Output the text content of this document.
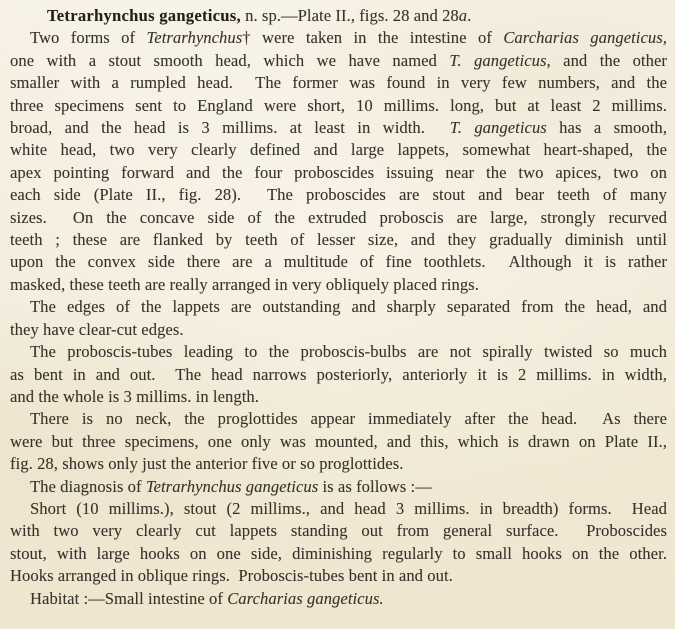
Tetrarhynchus gangeticus, n. sp.—Plate II., figs. 28 and 28a.
Two forms of Tetrarhynchus† were taken in the intestine of Carcharias gangeticus,
one with a stout smooth head, which we have named T. gangeticus, and the other
smaller with a rumpled head.  The former was found in very few numbers, and the
three specimens sent to England were short, 10 millims. long, but at least 2 millims.
broad, and the head is 3 millims. at least in width.  T. gangeticus has a smooth,
white head, two very clearly defined and large lappets, somewhat heart-shaped, the
apex pointing forward and the four proboscides issuing near the two apices, two on
each side (Plate II., fig. 28).  The proboscides are stout and bear teeth of many
sizes.  On the concave side of the extruded proboscis are large, strongly recurved
teeth ; these are flanked by teeth of lesser size, and they gradually diminish until
upon the convex side there are a multitude of fine toothlets.  Although it is rather
masked, these teeth are really arranged in very obliquely placed rings.
The edges of the lappets are outstanding and sharply separated from the head, and
they have clear-cut edges.
The proboscis-tubes leading to the proboscis-bulbs are not spirally twisted so much
as bent in and out.  The head narrows posteriorly, anteriorly it is 2 millims. in width,
and the whole is 3 millims. in length.
There is no neck, the proglottides appear immediately after the head.  As there
were but three specimens, one only was mounted, and this, which is drawn on Plate II.,
fig. 28, shows only just the anterior five or so proglottides.
The diagnosis of Tetrarhynchus gangeticus is as follows :—
Short (10 millims.), stout (2 millims., and head 3 millims. in breadth) forms.  Head
with two very clearly cut lappets standing out from general surface.  Proboscides
stout, with large hooks on one side, diminishing regularly to small hooks on the other.
Hooks arranged in oblique rings.  Proboscis-tubes bent in and out.
Habitat :—Small intestine of Carcharias gangeticus.
